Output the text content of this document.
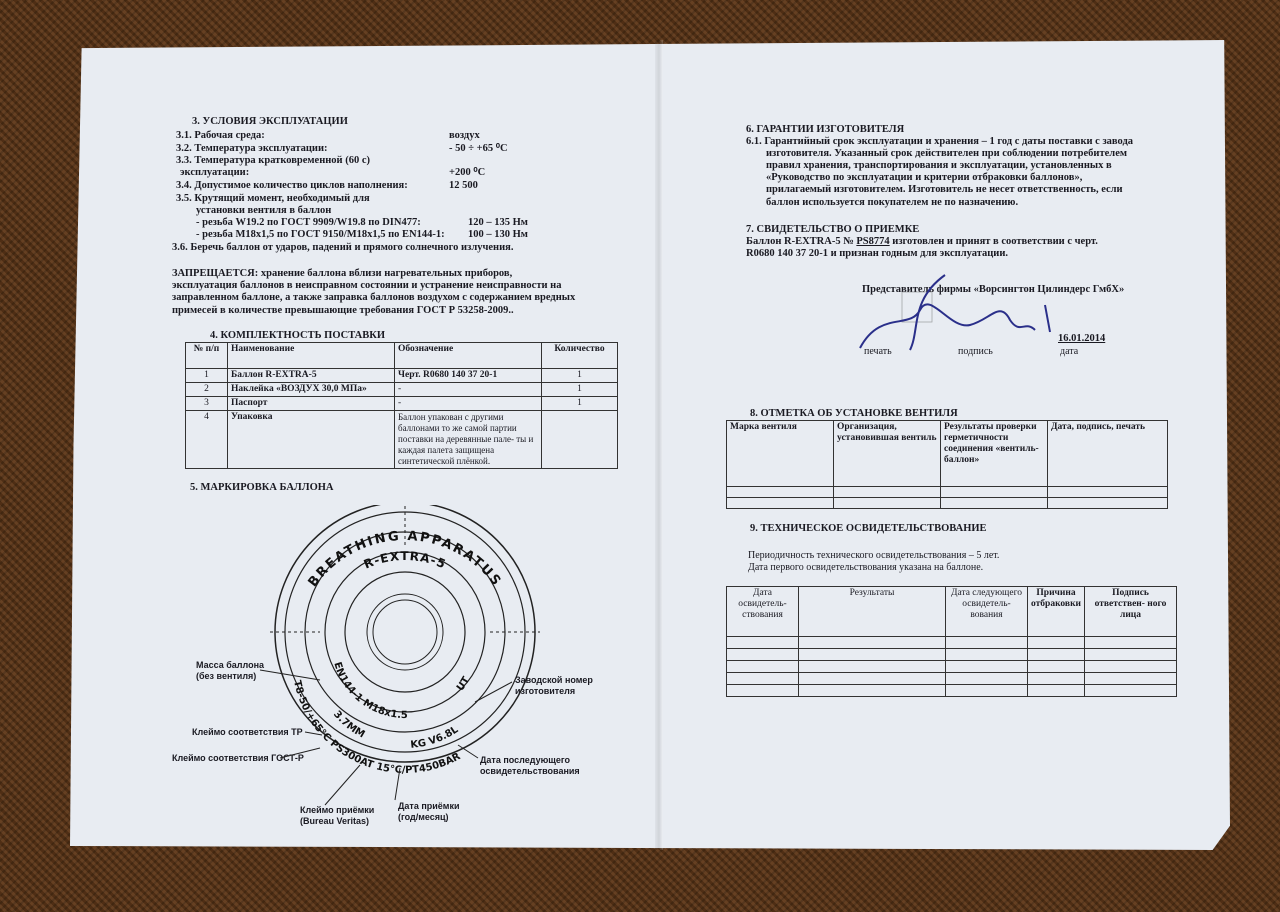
3. УСЛОВИЯ ЭКСПЛУАТАЦИИ
3.1. Рабочая среда:	воздух
3.2. Температура эксплуатации:	- 50 ÷ +65 ⁰C
3.3. Температура кратковременной (60 с)
эксплуатации:	+200 ⁰C
3.4. Допустимое количество циклов наполнения:	12 500
3.5. Крутящий момент, необходимый для
установки вентиля в баллон
- резьба W19.2 по ГОСТ 9909/W19.8 по DIN477:	120 – 135 Нм
- резьба M18x1,5 по ГОСТ 9150/M18x1,5 по EN144-1: 100 – 130 Нм
3.6. Беречь баллон от ударов, падений и прямого солнечного излучения.
ЗАПРЕЩАЕТСЯ: хранение баллона вблизи нагревательных приборов,
эксплуатация баллонов в неисправном состоянии и устранение неисправности на
заправленном баллоне, а также заправка баллонов воздухом с содержанием вредных
примесей в количестве превышающие требования ГОСТ Р 53258-2009..
4. КОМПЛЕКТНОСТЬ ПОСТАВКИ
№ п/п	Наименование	Обозначение	Количество
1	Баллон R-EXTRA-5	Черт. R0680 140 37 20-1	1
2	Наклейка «ВОЗДУХ 30,0 МПа»	-	1
3	Паспорт	-	1
4	Упаковка	Баллон упакован с другими баллонами то же самой партии поставки на деревянные пале- ты и каждая палета защищена синтетической плёнкой.	
5. МАРКИРОВКА БАЛЛОНА
BREATHING APPARATUS
R-EXTRA-5
EN144-1 M18x1.5
UT
3.7MM
KG V6.8L
T8-50/+65°C PS300AT 15°C/PT450BAR
Масса баллона
(без вентиля)
Клеймо соответствия ТР
Клеймо соответствия ГОСТ-Р
Клеймо приёмки
(Bureau Veritas)
Дата приёмки
(год/месяц)
Заводской номер
изготовителя
Дата последующего
освидетельствования
6. ГАРАНТИИ ИЗГОТОВИТЕЛЯ
6.1. Гарантийный срок эксплуатации и хранения – 1 год с даты поставки с завода
изготовителя. Указанный срок действителен при соблюдении потребителем
правил хранения, транспортирования и эксплуатации, установленных в
«Руководство по эксплуатации и критерии отбраковки баллонов»,
прилагаемый изготовителем. Изготовитель не несет ответственность, если
баллон используется покупателем не по назначению.
7. СВИДЕТЕЛЬСТВО О ПРИЕМКЕ
Баллон R-EXTRA-5 № PS8774 изготовлен и принят в соответствии с черт.
R0680 140 37 20-1 и признан годным для эксплуатации.
Представитель фирмы «Ворсингтон Цилиндерс ГмбХ»
16.01.2014
печать	подпись	дата
8. ОТМЕТКА ОБ УСТАНОВКЕ ВЕНТИЛЯ
Марка вентиля	Организация, установившая вентиль	Результаты проверки герметичности соединения «вентиль-баллон»	Дата, подпись, печать

9. ТЕХНИЧЕСКОЕ ОСВИДЕТЕЛЬСТВОВАНИЕ
Периодичность технического освидетельствования – 5 лет.
Дата первого освидетельствования указана на баллоне.
Дата освидетель- ствования	Результаты	Дата следующего освидетель- вования	Причина отбраковки	Подпись ответствен- ного лица
